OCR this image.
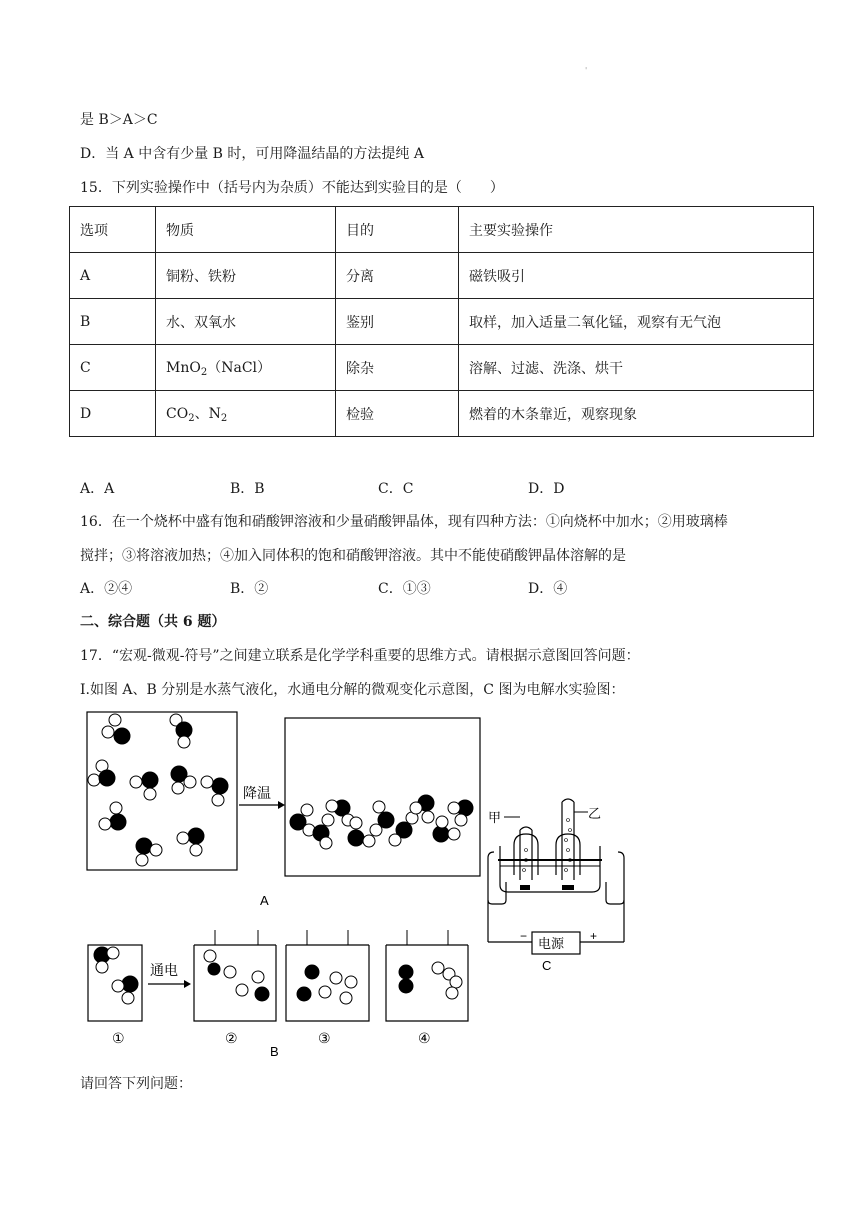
'
是 B＞A＞C
D．当 A 中含有少量 B 时，可用降温结晶的方法提纯 A
15．下列实验操作中（括号内为杂质）不能达到实验目的是（　　）
选项	物质	目的	主要实验操作
A	铜粉、铁粉	分离	磁铁吸引
B	水、双氧水	鉴别	取样，加入适量二氧化锰，观察有无气泡
C	MnO$_2$（NaCl）	除杂	溶解、过滤、洗涤、烘干
D	$CO_2$、$N_2$	检验	燃着的木条靠近，观察现象
A．A	B．B	C．C	D．D
16．在一个烧杯中盛有饱和硝酸钾溶液和少量硝酸钾晶体，现有四种方法：①向烧杯中加水；②用玻璃棒
搅拌；③将溶液加热；④加入同体积的饱和硝酸钾溶液。其中不能使硝酸钾晶体溶解的是
A．②④	B．②	C．①③	D．④
二、综合题（共 6 题）
17．“宏观-微观-符号”之间建立联系是化学学科重要的思维方式。请根据示意图回答问题：
I.如图 A、B 分别是水蒸气液化，水通电分解的微观变化示意图，C 图为电解水实验图：
降温
A
甲	乙
电源
−	+
C
通电
①	②	③	④
B
请回答下列问题：
